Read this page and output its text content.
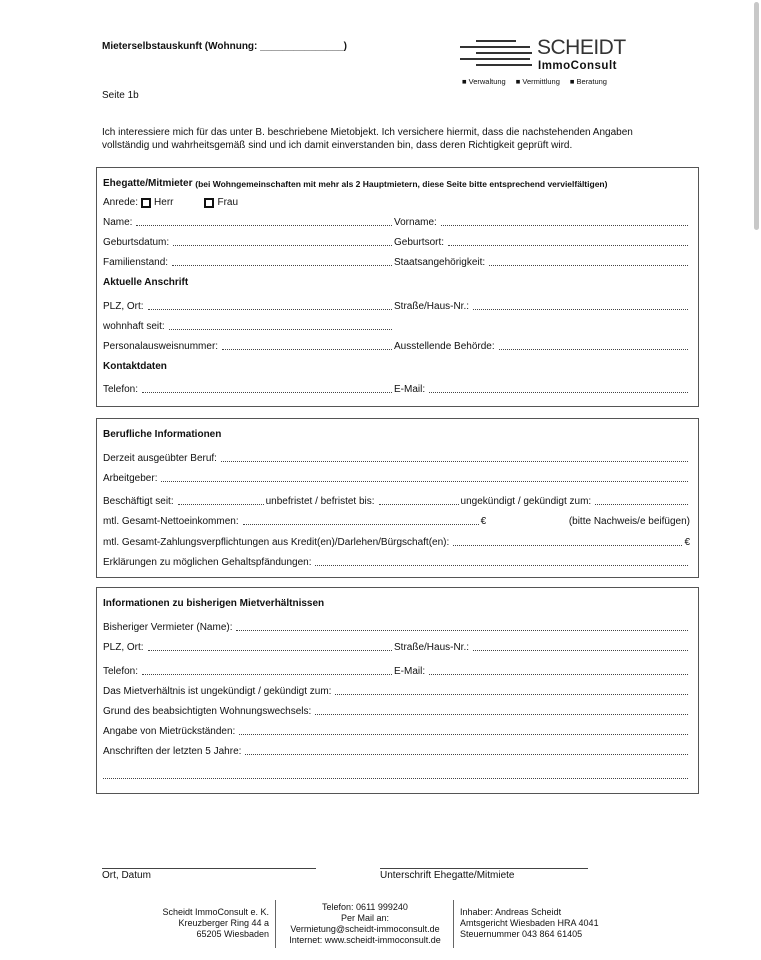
Mieterselbstauskunft (Wohnung: _______________)
Seite 1b
SCHEIDT
ImmoConsult
■ Verwaltung ■ Vermittlung ■ Beratung
Ich interessiere mich für das unter B. beschriebene Mietobjekt. Ich versichere hiermit, dass die nachstehenden Angaben vollständig und wahrheitsgemäß sind und ich damit einverstanden bin, dass deren Richtigkeit geprüft wird.
Ehegatte/Mitmieter
(bei Wohngemeinschaften mit mehr als 2 Hauptmietern, diese Seite bitte entsprechend vervielfältigen)
Anrede: Herr	Frau
Name:	Vorname:
Geburtsdatum:	Geburtsort:
Familienstand:	Staatsangehörigkeit:
Aktuelle Anschrift
PLZ, Ort:	Straße/Haus-Nr.:
wohnhaft seit:
Personalausweisnummer:	Ausstellende Behörde:
Kontaktdaten
Telefon:	E-Mail:
Berufliche Informationen
Derzeit ausgeübter Beruf:
Arbeitgeber:
Beschäftigt seit:	unbefristet / befristet bis:	ungekündigt / gekündigt zum:
mtl. Gesamt-Nettoeinkommen:	€	(bitte Nachweis/e beifügen)
mtl. Gesamt-Zahlungsverpflichtungen aus Kredit(en)/Darlehen/Bürgschaft(en):	€
Erklärungen zu möglichen Gehaltspfändungen:
Informationen zu bisherigen Mietverhältnissen
Bisheriger Vermieter (Name):
PLZ, Ort:	Straße/Haus-Nr.:
Telefon:	E-Mail:
Das Mietverhältnis ist ungekündigt / gekündigt zum:
Grund des beabsichtigten Wohnungswechsels:
Angabe von Mietrückständen:
Anschriften der letzten 5 Jahre:
Ort, Datum	Unterschrift Ehegatte/Mitmiete
Scheidt ImmoConsult e. K.
Kreuzberger Ring 44 a
65205 Wiesbaden
Telefon: 0611 999240
Per Mail an:
Vermietung@scheidt-immoconsult.de
Internet: www.scheidt-immoconsult.de
Inhaber: Andreas Scheidt
Amtsgericht Wiesbaden HRA 4041
Steuernummer 043 864 61405
